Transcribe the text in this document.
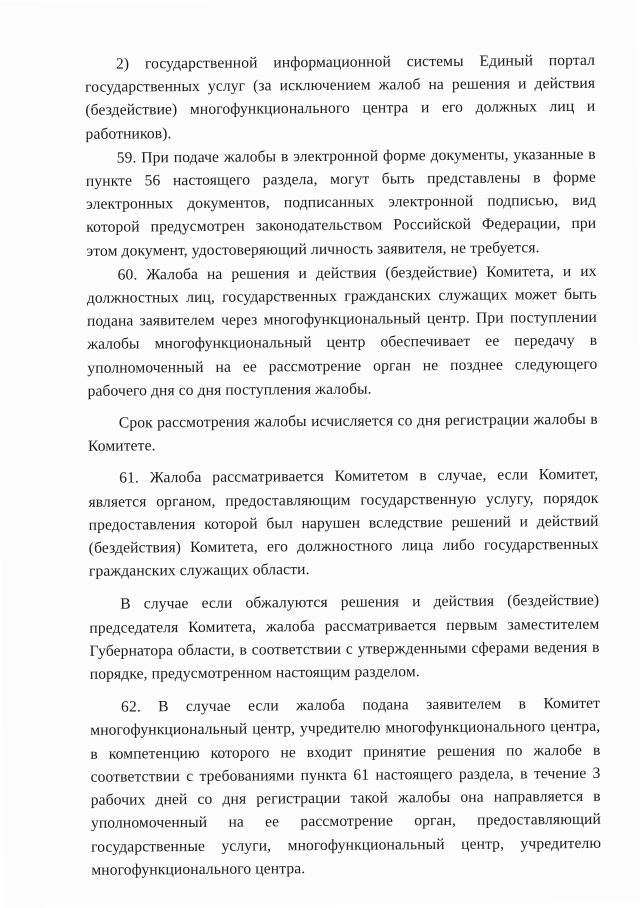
2) государственной информационной системы Единый портал государственных услуг (за исключением жалоб на решения и действия (бездействие) многофункционального центра и его должных лиц и работников).

59. При подаче жалобы в электронной форме документы, указанные в пункте 56 настоящего раздела, могут быть представлены в форме электронных документов, подписанных электронной подписью, вид которой предусмотрен законодательством Российской Федерации, при этом документ, удостоверяющий личность заявителя, не требуется.

60. Жалоба на решения и действия (бездействие) Комитета, и их должностных лиц, государственных гражданских служащих может быть подана заявителем через многофункциональный центр. При поступлении жалобы многофункциональный центр обеспечивает ее передачу в уполномоченный на ее рассмотрение орган не позднее следующего рабочего дня со дня поступления жалобы.

Срок рассмотрения жалобы исчисляется со дня регистрации жалобы в Комитете.

61. Жалоба рассматривается Комитетом в случае, если Комитет, является органом, предоставляющим государственную услугу, порядок предоставления которой был нарушен вследствие решений и действий (бездействия) Комитета, его должностного лица либо государственных гражданских служащих области.

В случае если обжалуются решения и действия (бездействие) председателя Комитета, жалоба рассматривается первым заместителем Губернатора области, в соответствии с утвержденными сферами ведения в порядке, предусмотренном настоящим разделом.

62. В случае если жалоба подана заявителем в Комитет многофункциональный центр, учредителю многофункционального центра, в компетенцию которого не входит принятие решения по жалобе в соответствии с требованиями пункта 61 настоящего раздела, в течение 3 рабочих дней со дня регистрации такой жалобы она направляется в уполномоченный на ее рассмотрение орган, предоставляющий государственные услуги, многофункциональный центр, учредителю многофункционального центра.
